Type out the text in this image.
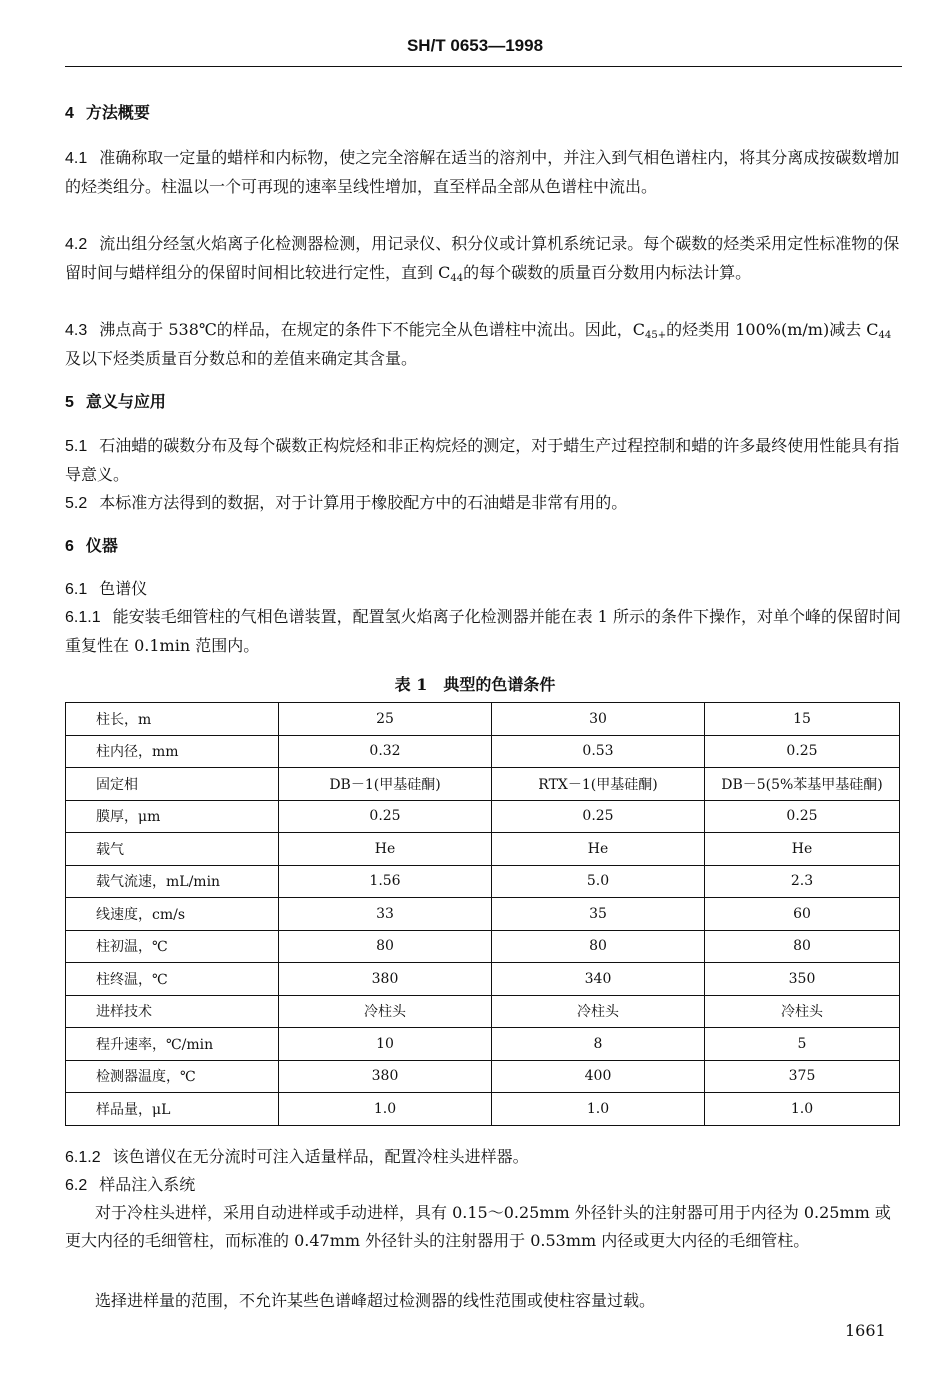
SH/T 0653—1998
4 方法概要

4.1 准确称取一定量的蜡样和内标物，使之完全溶解在适当的溶剂中，并注入到气相色谱柱内，将其分离成按碳数增加的烃类组分。柱温以一个可再现的速率呈线性增加，直至样品全部从色谱柱中流出。

4.2 流出组分经氢火焰离子化检测器检测，用记录仪、积分仪或计算机系统记录。每个碳数的烃类采用定性标准物的保留时间与蜡样组分的保留时间相比较进行定性，直到 $C_{44}$的每个碳数的质量百分数用内标法计算。

4.3 沸点高于 538℃的样品，在规定的条件下不能完全从色谱柱中流出。因此，$C_{45+}$的烃类用 100%(m/m)减去 $C_{44}$及以下烃类质量百分数总和的差值来确定其含量。

5 意义与应用

5.1 石油蜡的碳数分布及每个碳数正构烷烃和非正构烷烃的测定，对于蜡生产过程控制和蜡的许多最终使用性能具有指导意义。

5.2 本标准方法得到的数据，对于计算用于橡胶配方中的石油蜡是非常有用的。

6 仪器

6.1 色谱仪

6.1.1 能安装毛细管柱的气相色谱装置，配置氢火焰离子化检测器并能在表 1 所示的条件下操作，对单个峰的保留时间重复性在 0.1min 范围内。

表 1　典型的色谱条件
柱长，m	25	30	15
柱内径，mm	0.32	0.53	0.25
固定相	DB－1(甲基硅酮)	RTX－1(甲基硅酮)	DB－5(5%苯基甲基硅酮)
膜厚，μm	0.25	0.25	0.25
载气	He	He	He
载气流速，mL/min	1.56	5.0	2.3
线速度，cm/s	33	35	60
柱初温，℃	80	80	80
柱终温，℃	380	340	350
进样技术	冷柱头	冷柱头	冷柱头
程升速率，℃/min	10	8	5
检测器温度，℃	380	400	375
样品量，μL	1.0	1.0	1.0

6.1.2 该色谱仪在无分流时可注入适量样品，配置冷柱头进样器。

6.2 样品注入系统

对于冷柱头进样，采用自动进样或手动进样，具有 0.15～0.25mm 外径针头的注射器可用于内径为 0.25mm 或更大内径的毛细管柱，而标准的 0.47mm 外径针头的注射器用于 0.53mm 内径或更大内径的毛细管柱。

选择进样量的范围，不允许某些色谱峰超过检测器的线性范围或使柱容量过载。

1661
